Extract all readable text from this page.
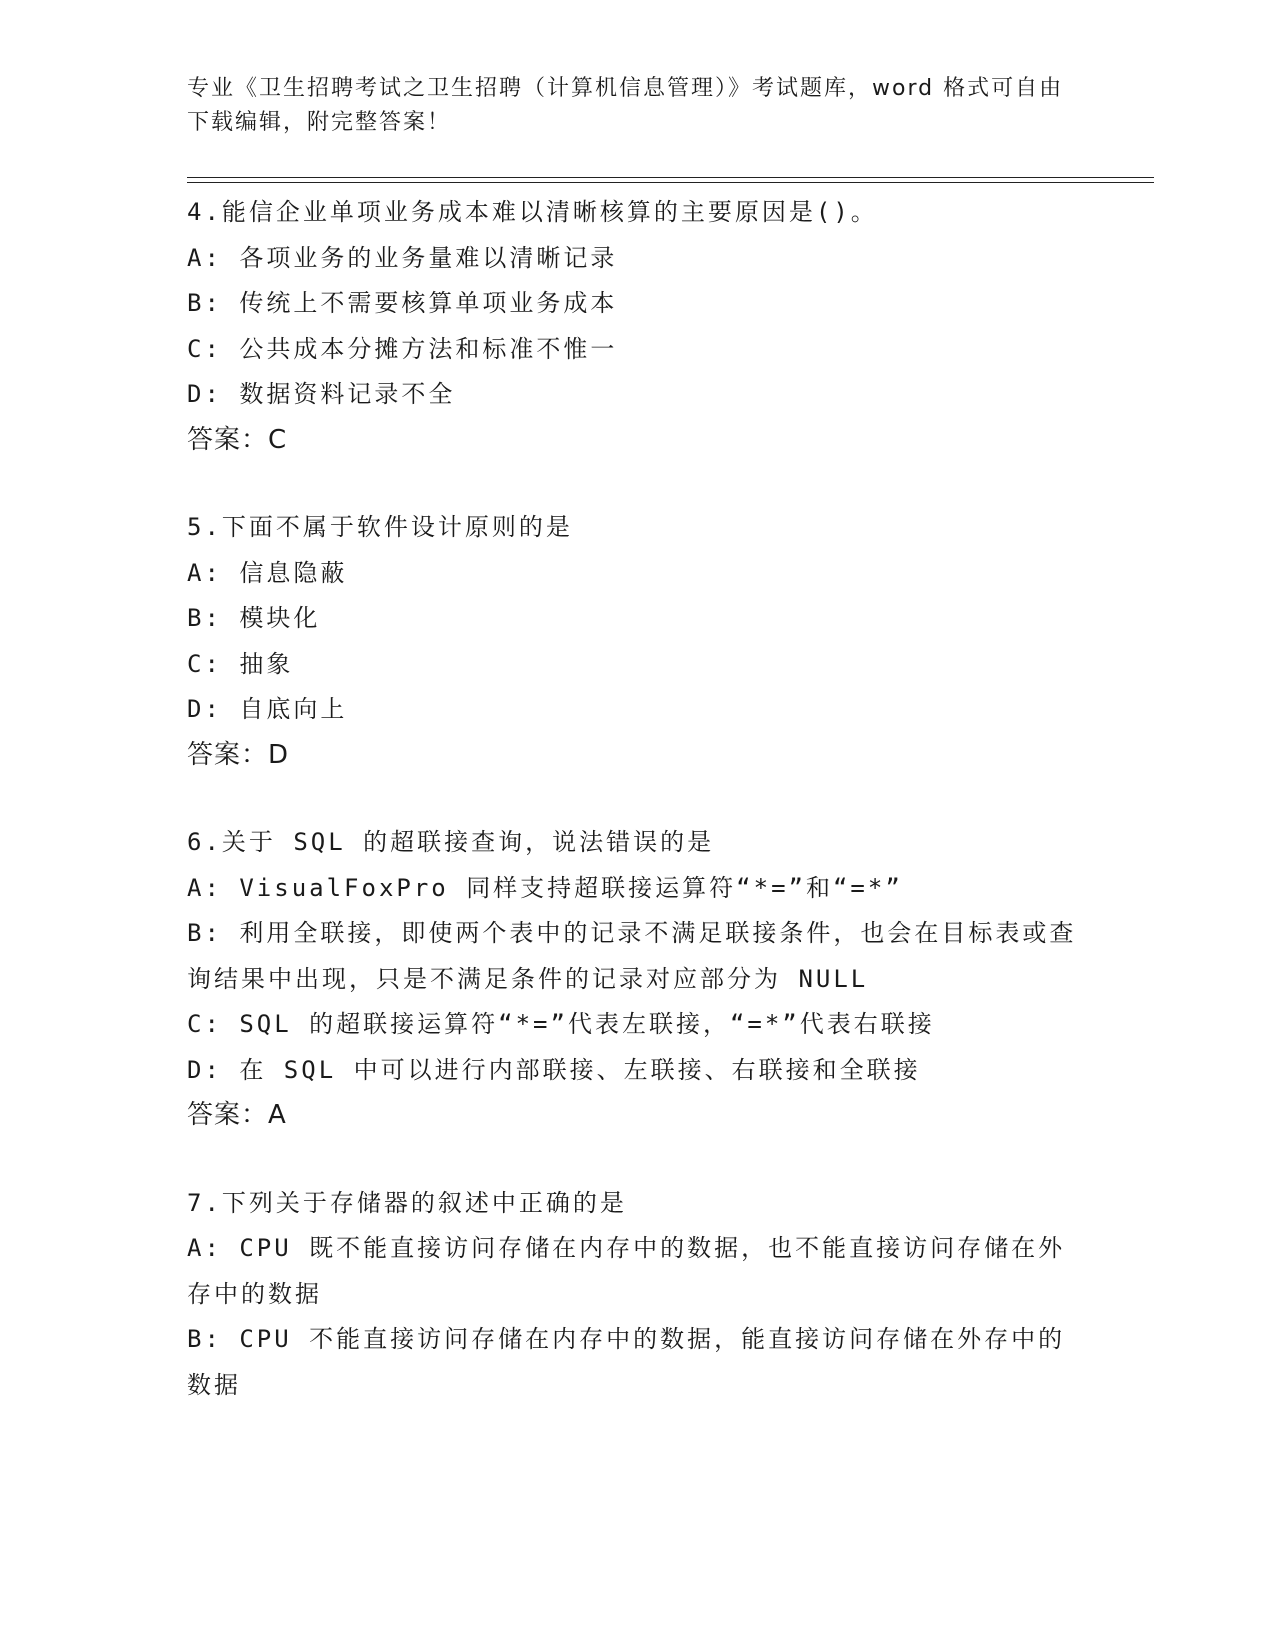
专业《卫生招聘考试之卫生招聘（计算机信息管理）》考试题库，word 格式可自由下载编辑，附完整答案！
4.能信企业单项业务成本难以清晰核算的主要原因是()。
A: 各项业务的业务量难以清晰记录
B: 传统上不需要核算单项业务成本
C: 公共成本分摊方法和标准不惟一
D: 数据资料记录不全
答案：C
5.下面不属于软件设计原则的是
A: 信息隐蔽
B: 模块化
C: 抽象
D: 自底向上
答案：D
6.关于 SQL 的超联接查询，说法错误的是
A: VisualFoxPro 同样支持超联接运算符“*=”和“=*”
B: 利用全联接，即使两个表中的记录不满足联接条件，也会在目标表或查询结果中出现，只是不满足条件的记录对应部分为 NULL
C: SQL 的超联接运算符“*=”代表左联接，“=*”代表右联接
D: 在 SQL 中可以进行内部联接、左联接、右联接和全联接
答案：A
7.下列关于存储器的叙述中正确的是
A: CPU 既不能直接访问存储在内存中的数据，也不能直接访问存储在外存中的数据
B: CPU 不能直接访问存储在内存中的数据，能直接访问存储在外存中的数据
